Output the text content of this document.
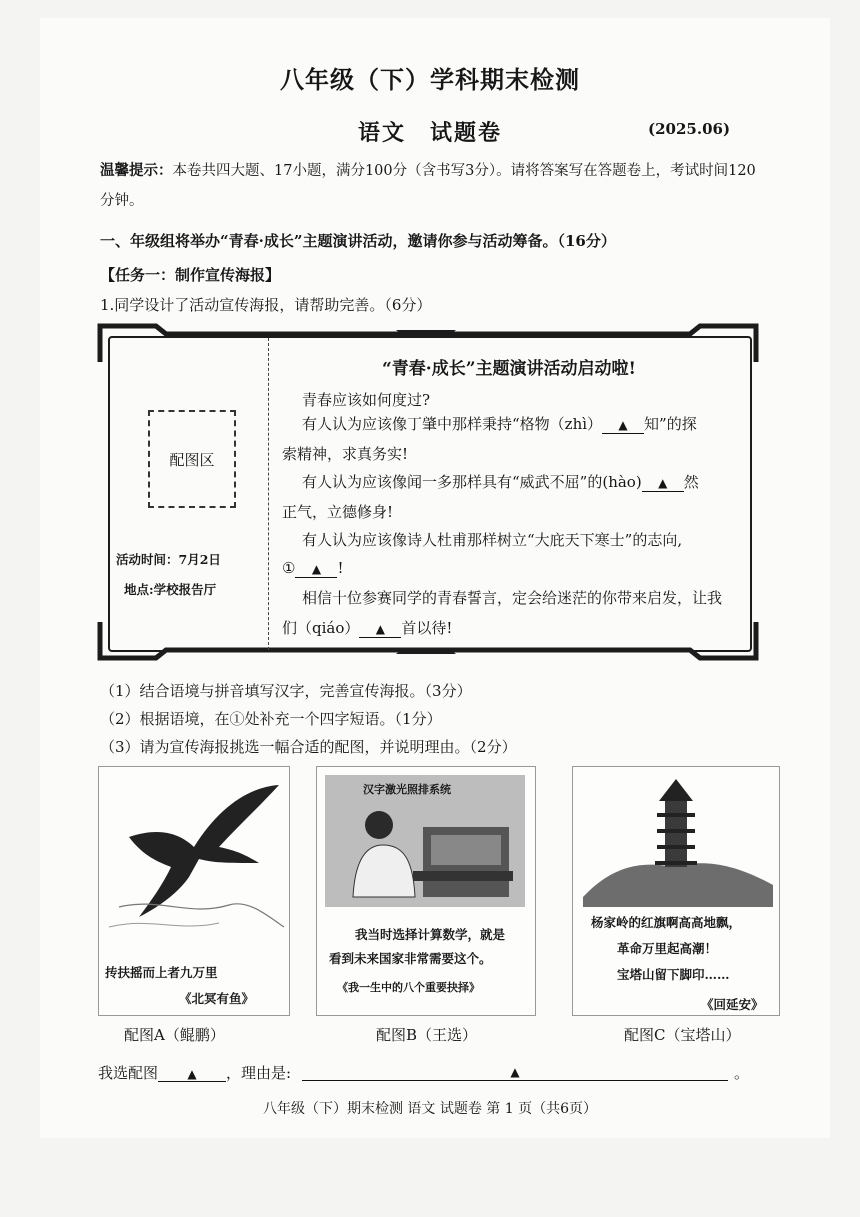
八年级（下）学科期末检测
语文　试题卷	(2025.06)
温馨提示：本卷共四大题、17小题，满分100分（含书写3分）。请将答案写在答题卷上，考试时间120分钟。
一、年级组将举办“青春·成长”主题演讲活动，邀请你参与活动筹备。（16分）
【任务一：制作宣传海报】
1.同学设计了活动宣传海报，请帮助完善。（6分）
配图区
活动时间：7月2日
地点:学校报告厅
“青春·成长”主题演讲活动启动啦!
青春应该如何度过?
有人认为应该像丁肇中那样秉持“格物（zhì） ▲ 知”的探
索精神，求真务实!
有人认为应该像闻一多那样具有“威武不屈”的(hào) ▲ 然
正气，立德修身!
有人认为应该像诗人杜甫那样树立“大庇天下寒士”的志向,
① ▲ !
相信十位参赛同学的青春誓言，定会给迷茫的你带来启发，让我
们（qiáo） ▲ 首以待!
（1）结合语境与拼音填写汉字，完善宣传海报。（3分）
（2）根据语境，在①处补充一个四字短语。（1分）
（3）请为宣传海报挑选一幅合适的配图，并说明理由。（2分）
抟扶摇而上者九万里
《北冥有鱼》
配图A（鲲鹏）
汉字激光照排系统
我当时选择计算数学，就是
看到未来国家非常需要这个。
《我一生中的八个重要抉择》
配图B（王选）
杨家岭的红旗啊高高地飘，
革命万里起高潮！
宝塔山留下脚印……
《回延安》
配图C（宝塔山）
我选配图 ▲ ，理由是:	▲	。
八年级（下）期末检测 语文 试题卷 第 1 页（共6页）
